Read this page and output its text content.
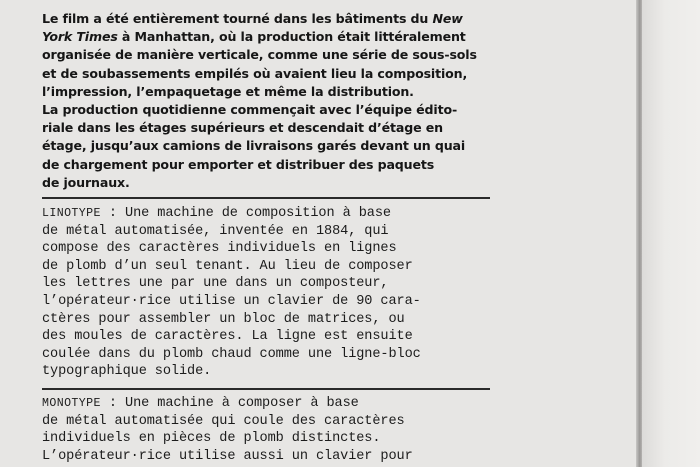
Le film a été entièrement tourné dans les bâtiments du New
York Times à Manhattan, où la production était littéralement
organisée de manière verticale, comme une série de sous-sols
et de soubassements empilés où avaient lieu la composition,
l’impression, l’empaquetage et même la distribution.
La production quotidienne commençait avec l’équipe édito-
riale dans les étages supérieurs et descendait d’étage en
étage, jusqu’aux camions de livraisons garés devant un quai
de chargement pour emporter et distribuer des paquets
de journaux.
LINOTYPE : Une machine de composition à base
de métal automatisée, inventée en 1884, qui
compose des caractères individuels en lignes
de plomb d’un seul tenant. Au lieu de composer
les lettres une par une dans un composteur,
l’opérateur·rice utilise un clavier de 90 cara-
ctères pour assembler un bloc de matrices, ou
des moules de caractères. La ligne est ensuite
coulée dans du plomb chaud comme une ligne-bloc
typographique solide.
MONOTYPE : Une machine à composer à base
de métal automatisée qui coule des caractères
individuels en pièces de plomb distinctes.
L’opérateur·rice utilise aussi un clavier pour
